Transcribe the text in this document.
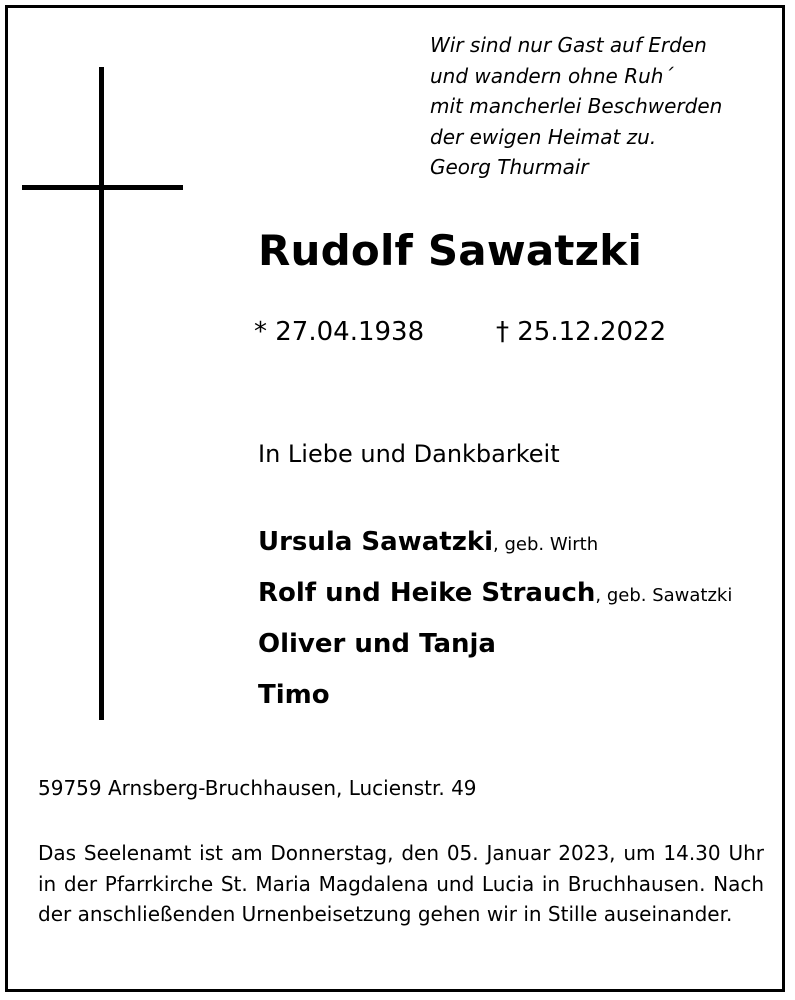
Wir sind nur Gast auf Erden
und wandern ohne Ruh´
mit mancherlei Beschwerden
der ewigen Heimat zu.
Georg Thurmair
Rudolf Sawatzki
* 27.04.1938	† 25.12.2022
In Liebe und Dankbarkeit
Ursula Sawatzki, geb. Wirth
Rolf und Heike Strauch, geb. Sawatzki
Oliver und Tanja
Timo
59759 Arnsberg-Bruchhausen, Lucienstr. 49
Das Seelenamt ist am Donnerstag, den 05. Januar 2023, um 14.30 Uhr in der Pfarrkirche St. Maria Magdalena und Lucia in Bruchhausen. Nach der anschließenden Urnenbeisetzung gehen wir in Stille auseinander.
